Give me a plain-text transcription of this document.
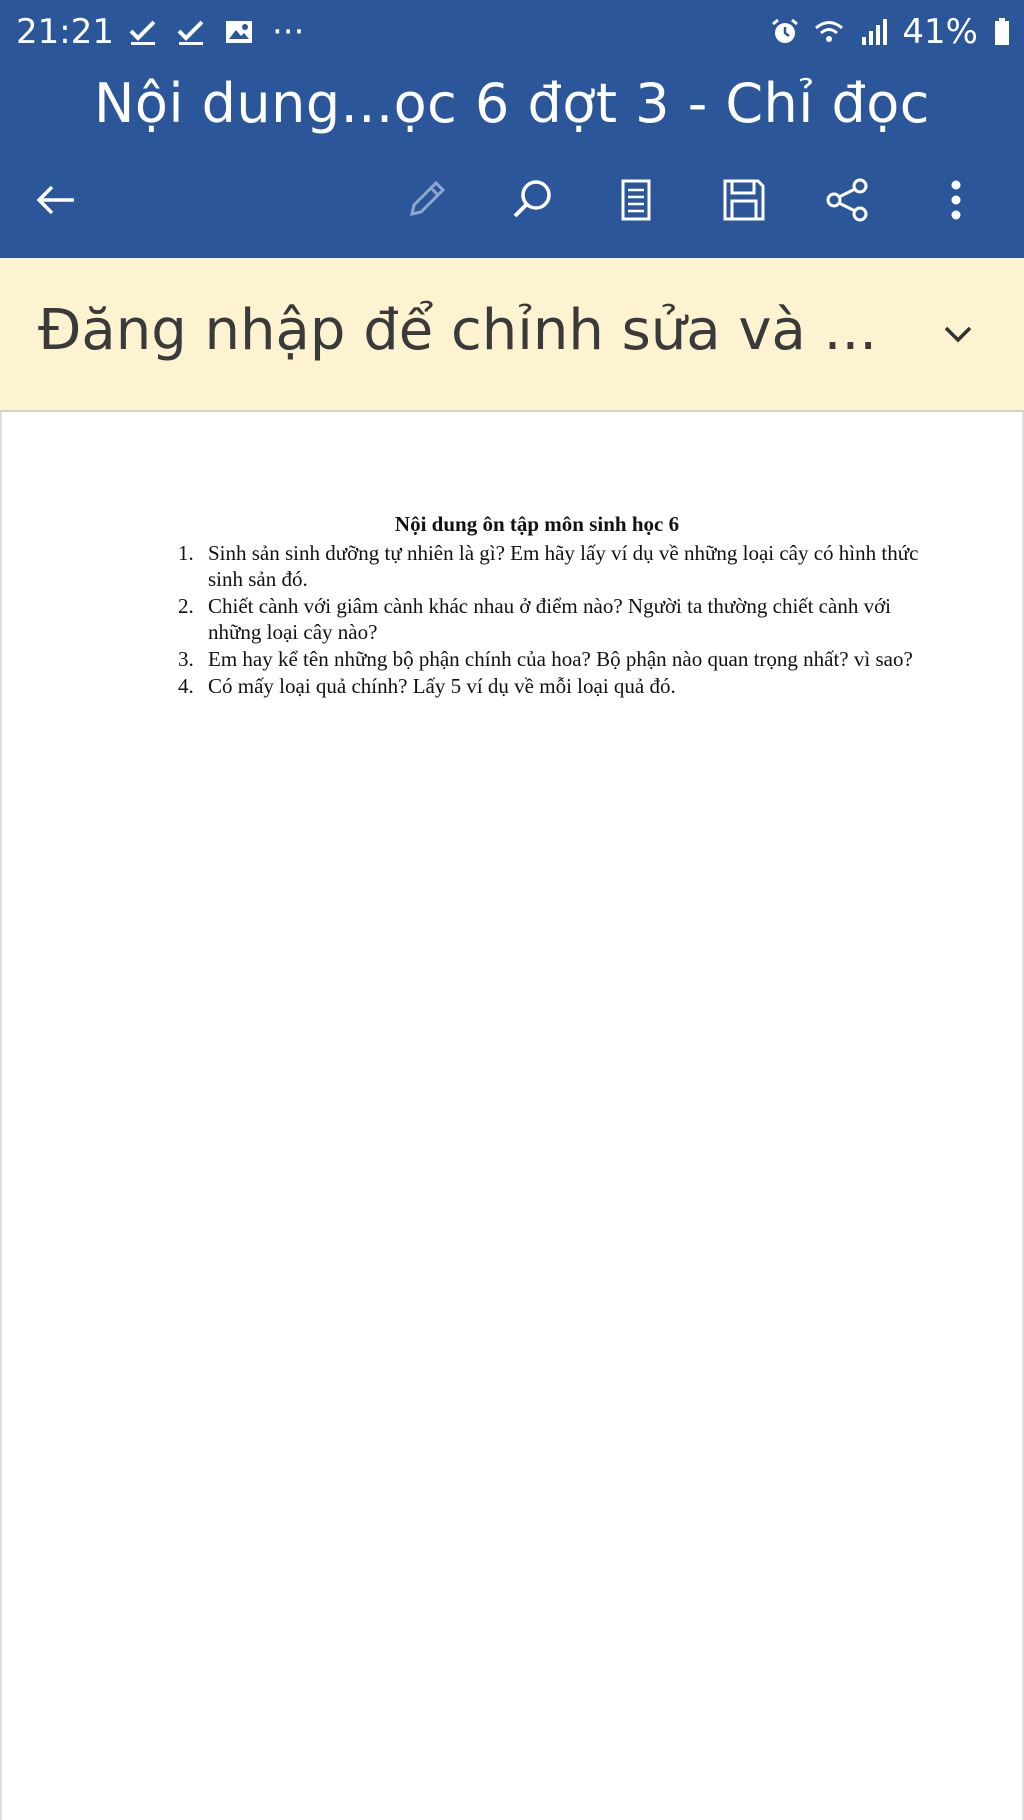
21:21	···	41%
Nội dung...ọc 6 đợt 3 - Chỉ đọc
Đăng nhập để chỉnh sửa và ...
Nội dung ôn tập môn sinh học 6
1. Sinh sản sinh dưỡng tự nhiên là gì? Em hãy lấy ví dụ về những loại cây có hình thức sinh sản đó.
2. Chiết cành với giâm cành khác nhau ở điểm nào? Người ta thường chiết cành với những loại cây nào?
3. Em hay kể tên những bộ phận chính của hoa? Bộ phận nào quan trọng nhất? vì sao?
4. Có mấy loại quả chính? Lấy 5 ví dụ về mỗi loại quả đó.
